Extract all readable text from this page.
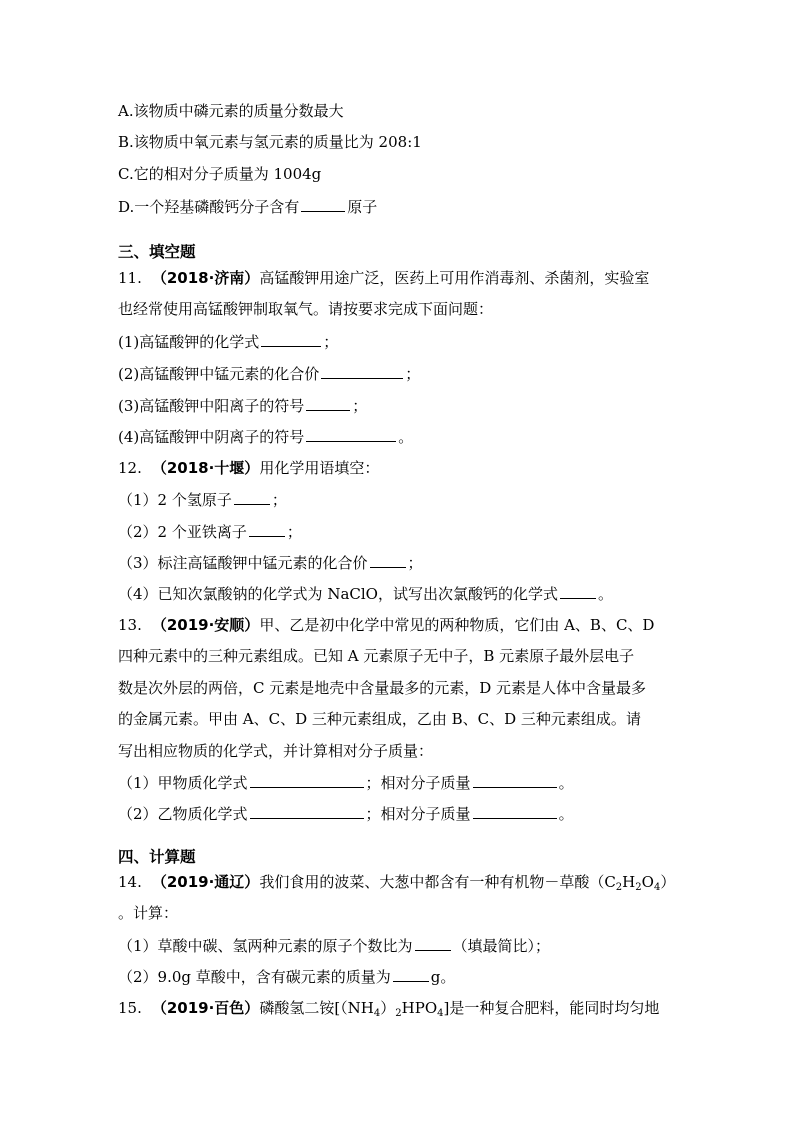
A.该物质中磷元素的质量分数最大
B.该物质中氧元素与氢元素的质量比为 208:1
C.它的相对分子质量为 1004g
D.一个羟基磷酸钙分子含有	原子
三、填空题
11. （2018·济南）高锰酸钾用途广泛，医药上可用作消毒剂、杀菌剂，实验室
也经常使用高锰酸钾制取氧气。请按要求完成下面问题：
(1)高锰酸钾的化学式	；
(2)高锰酸钾中锰元素的化合价	；
(3)高锰酸钾中阳离子的符号	；
(4)高锰酸钾中阴离子的符号	。
12. （2018·十堰）用化学用语填空：
（1）2 个氢原子	；
（2）2 个亚铁离子	；
（3）标注高锰酸钾中锰元素的化合价	；
（4）已知次氯酸钠的化学式为 NaClO，试写出次氯酸钙的化学式	。
13. （2019·安顺）甲、乙是初中化学中常见的两种物质，它们由 A、B、C、D
四种元素中的三种元素组成。已知 A 元素原子无中子，B 元素原子最外层电子
数是次外层的两倍，C 元素是地壳中含量最多的元素，D 元素是人体中含量最多
的金属元素。甲由 A、C、D 三种元素组成，乙由 B、C、D 三种元素组成。请
写出相应物质的化学式，并计算相对分子质量：
（1）甲物质化学式	；相对分子质量	。
（2）乙物质化学式	；相对分子质量	。
四、计算题
14. （2019·通辽）我们食用的波菜、大葱中都含有一种有机物－草酸$(C_2H_2O_4)$
。计算：
（1）草酸中碳、氢两种元素的原子个数比为	（填最简比）；
（2）9.0g 草酸中，含有碳元素的质量为	g。
15. （2019·百色）磷酸氢二铵$[(NH_4)_2HPO_4]$是一种复合肥料，能同时均匀地
